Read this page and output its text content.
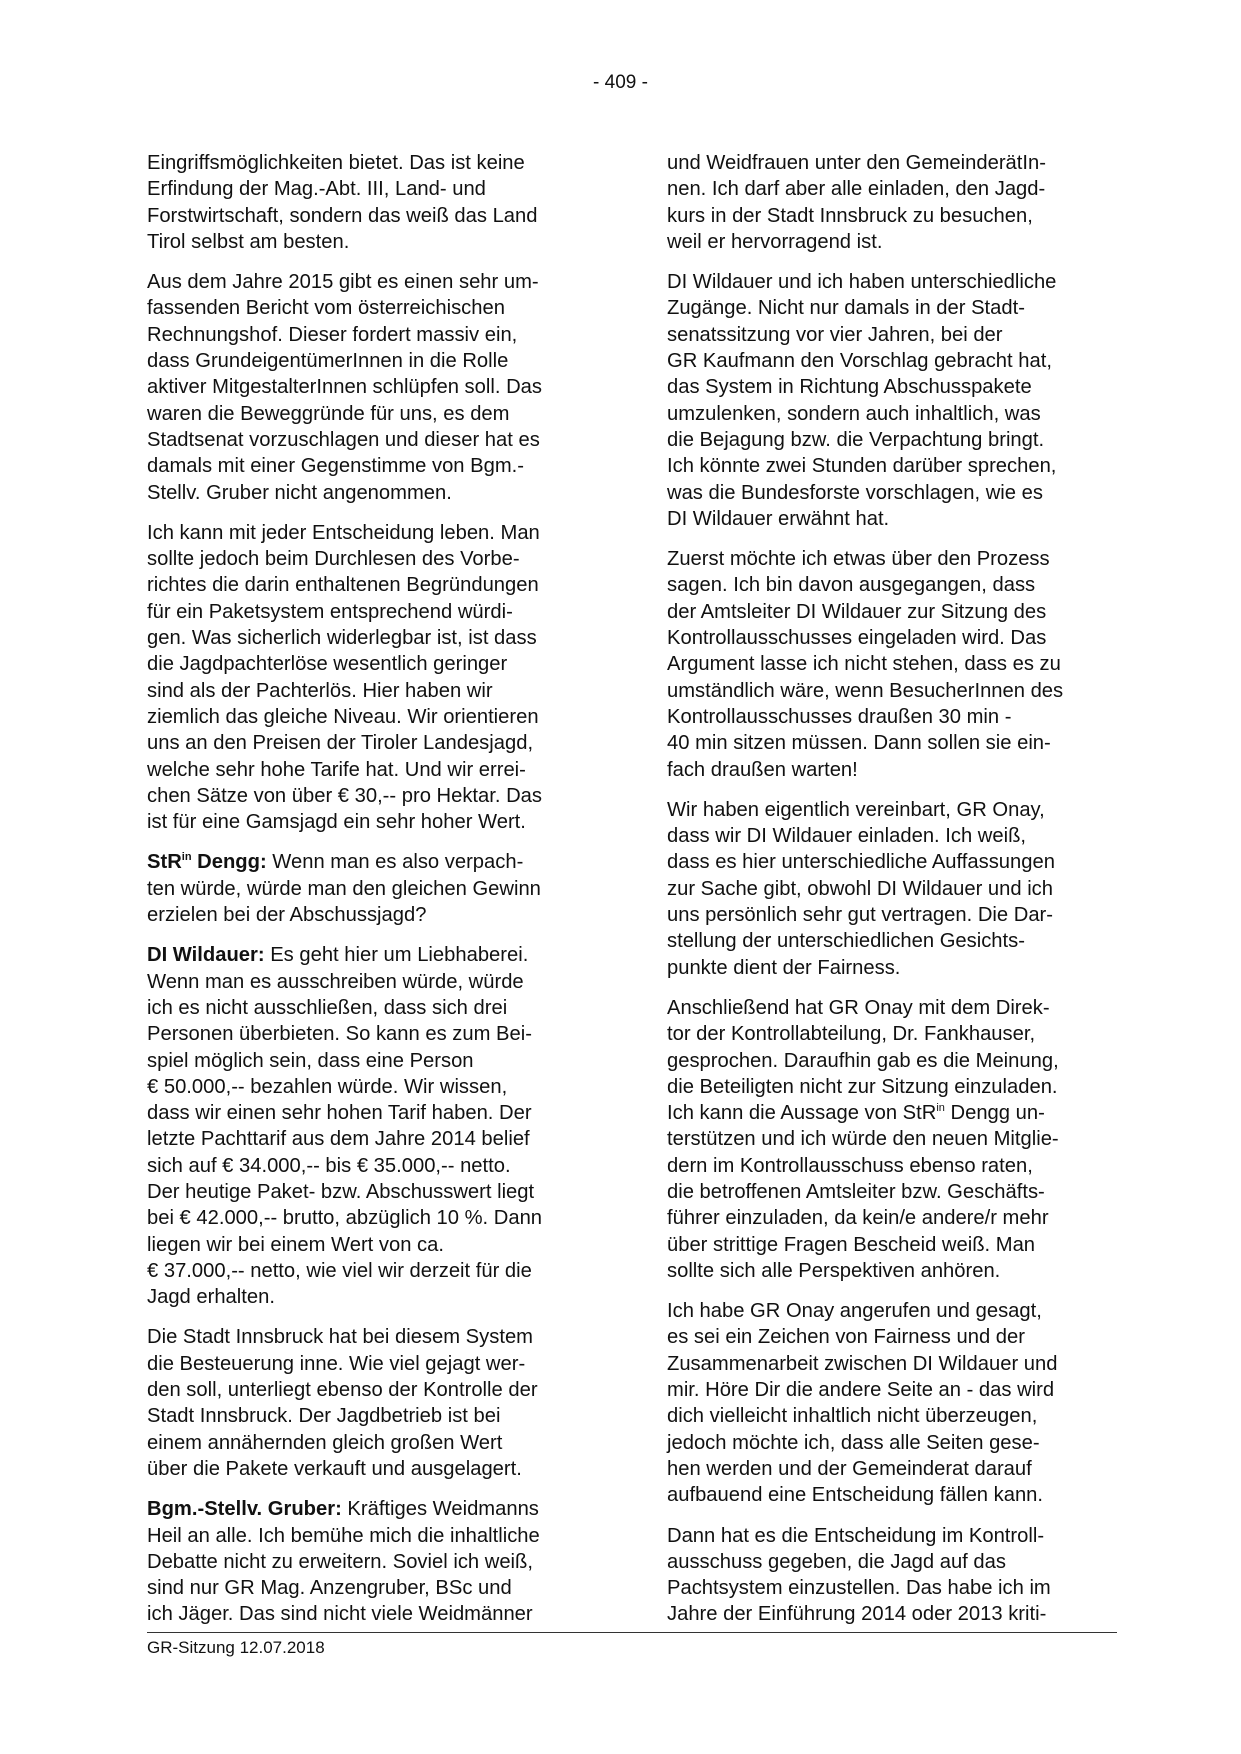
- 409 -

Eingriffsmöglichkeiten bietet. Das ist keine
Erfindung der Mag.-Abt. III, Land- und
Forstwirtschaft, sondern das weiß das Land
Tirol selbst am besten.

Aus dem Jahre 2015 gibt es einen sehr um-
fassenden Bericht vom österreichischen
Rechnungshof. Dieser fordert massiv ein,
dass GrundeigentümerInnen in die Rolle
aktiver MitgestalterInnen schlüpfen soll. Das
waren die Beweggründe für uns, es dem
Stadtsenat vorzuschlagen und dieser hat es
damals mit einer Gegenstimme von Bgm.-
Stellv. Gruber nicht angenommen.

Ich kann mit jeder Entscheidung leben. Man
sollte jedoch beim Durchlesen des Vorbe-
richtes die darin enthaltenen Begründungen
für ein Paketsystem entsprechend würdi-
gen. Was sicherlich widerlegbar ist, ist dass
die Jagdpachterlöse wesentlich geringer
sind als der Pachterlös. Hier haben wir
ziemlich das gleiche Niveau. Wir orientieren
uns an den Preisen der Tiroler Landesjagd,
welche sehr hohe Tarife hat. Und wir errei-
chen Sätze von über € 30,-- pro Hektar. Das
ist für eine Gamsjagd ein sehr hoher Wert.

StR$^{in}$ Dengg: Wenn man es also verpach-
ten würde, würde man den gleichen Gewinn
erzielen bei der Abschussjagd?

DI Wildauer: Es geht hier um Liebhaberei.
Wenn man es ausschreiben würde, würde
ich es nicht ausschließen, dass sich drei
Personen überbieten. So kann es zum Bei-
spiel möglich sein, dass eine Person
€ 50.000,-- bezahlen würde. Wir wissen,
dass wir einen sehr hohen Tarif haben. Der
letzte Pachttarif aus dem Jahre 2014 belief
sich auf € 34.000,-- bis € 35.000,-- netto.
Der heutige Paket- bzw. Abschusswert liegt
bei € 42.000,-- brutto, abzüglich 10 %. Dann
liegen wir bei einem Wert von ca.
€ 37.000,-- netto, wie viel wir derzeit für die
Jagd erhalten.

Die Stadt Innsbruck hat bei diesem System
die Besteuerung inne. Wie viel gejagt wer-
den soll, unterliegt ebenso der Kontrolle der
Stadt Innsbruck. Der Jagdbetrieb ist bei
einem annähernden gleich großen Wert
über die Pakete verkauft und ausgelagert.

Bgm.-Stellv. Gruber: Kräftiges Weidmanns
Heil an alle. Ich bemühe mich die inhaltliche
Debatte nicht zu erweitern. Soviel ich weiß,
sind nur GR Mag. Anzengruber, BSc und
ich Jäger. Das sind nicht viele Weidmänner

und Weidfrauen unter den GemeinderätIn-
nen. Ich darf aber alle einladen, den Jagd-
kurs in der Stadt Innsbruck zu besuchen,
weil er hervorragend ist.

DI Wildauer und ich haben unterschiedliche
Zugänge. Nicht nur damals in der Stadt-
senatssitzung vor vier Jahren, bei der
GR Kaufmann den Vorschlag gebracht hat,
das System in Richtung Abschusspakete
umzulenken, sondern auch inhaltlich, was
die Bejagung bzw. die Verpachtung bringt.
Ich könnte zwei Stunden darüber sprechen,
was die Bundesforste vorschlagen, wie es
DI Wildauer erwähnt hat.

Zuerst möchte ich etwas über den Prozess
sagen. Ich bin davon ausgegangen, dass
der Amtsleiter DI Wildauer zur Sitzung des
Kontrollausschusses eingeladen wird. Das
Argument lasse ich nicht stehen, dass es zu
umständlich wäre, wenn BesucherInnen des
Kontrollausschusses draußen 30 min -
40 min sitzen müssen. Dann sollen sie ein-
fach draußen warten!

Wir haben eigentlich vereinbart, GR Onay,
dass wir DI Wildauer einladen. Ich weiß,
dass es hier unterschiedliche Auffassungen
zur Sache gibt, obwohl DI Wildauer und ich
uns persönlich sehr gut vertragen. Die Dar-
stellung der unterschiedlichen Gesichts-
punkte dient der Fairness.

Anschließend hat GR Onay mit dem Direk-
tor der Kontrollabteilung, Dr. Fankhauser,
gesprochen. Daraufhin gab es die Meinung,
die Beteiligten nicht zur Sitzung einzuladen.
Ich kann die Aussage von StR$^{in}$ Dengg un-
terstützen und ich würde den neuen Mitglie-
dern im Kontrollausschuss ebenso raten,
die betroffenen Amtsleiter bzw. Geschäfts-
führer einzuladen, da kein/e andere/r mehr
über strittige Fragen Bescheid weiß. Man
sollte sich alle Perspektiven anhören.

Ich habe GR Onay angerufen und gesagt,
es sei ein Zeichen von Fairness und der
Zusammenarbeit zwischen DI Wildauer und
mir. Höre Dir die andere Seite an - das wird
dich vielleicht inhaltlich nicht überzeugen,
jedoch möchte ich, dass alle Seiten gese-
hen werden und der Gemeinderat darauf
aufbauend eine Entscheidung fällen kann.

Dann hat es die Entscheidung im Kontroll-
ausschuss gegeben, die Jagd auf das
Pachtsystem einzustellen. Das habe ich im
Jahre der Einführung 2014 oder 2013 kriti-

GR-Sitzung 12.07.2018
